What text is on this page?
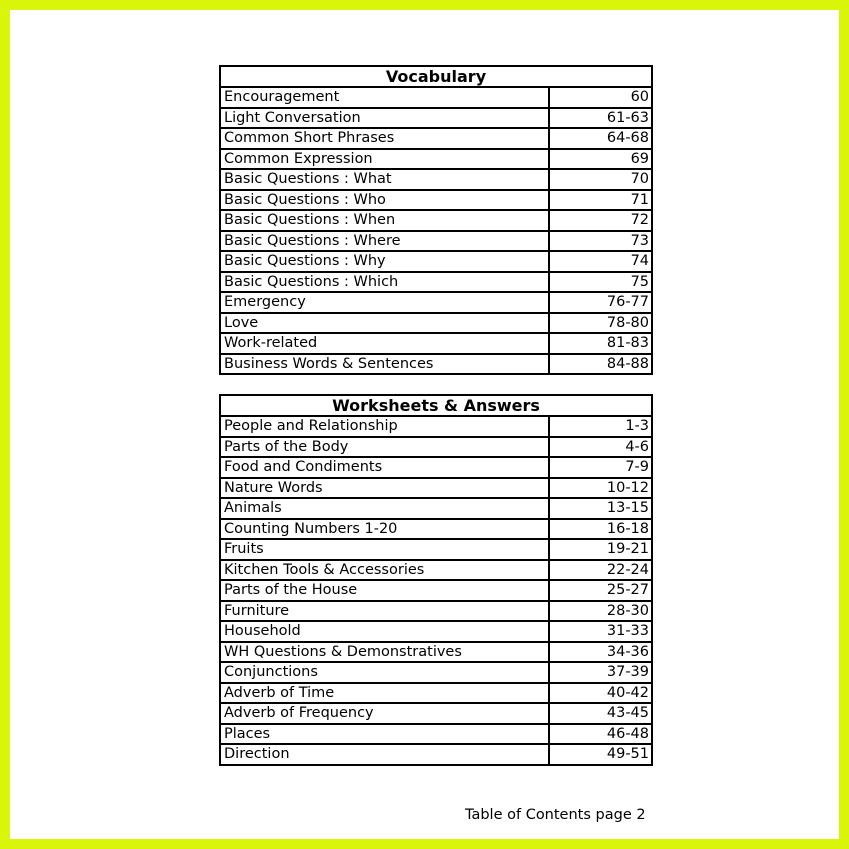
Vocabulary	
Encouragement	60
Light Conversation	61-63
Common Short Phrases	64-68
Common Expression	69
Basic Questions : What	70
Basic Questions : Who	71
Basic Questions : When	72
Basic Questions : Where	73
Basic Questions : Why	74
Basic Questions : Which	75
Emergency	76-77
Love	78-80
Work-related	81-83
Business Words & Sentences	84-88
Worksheets & Answers	
People and Relationship	1-3
Parts of the Body	4-6
Food and Condiments	7-9
Nature Words	10-12
Animals	13-15
Counting Numbers 1-20	16-18
Fruits	19-21
Kitchen Tools & Accessories	22-24
Parts of the House	25-27
Furniture	28-30
Household	31-33
WH Questions & Demonstratives	34-36
Conjunctions	37-39
Adverb of Time	40-42
Adverb of Frequency	43-45
Places	46-48
Direction	49-51
Table of Contents page 2
